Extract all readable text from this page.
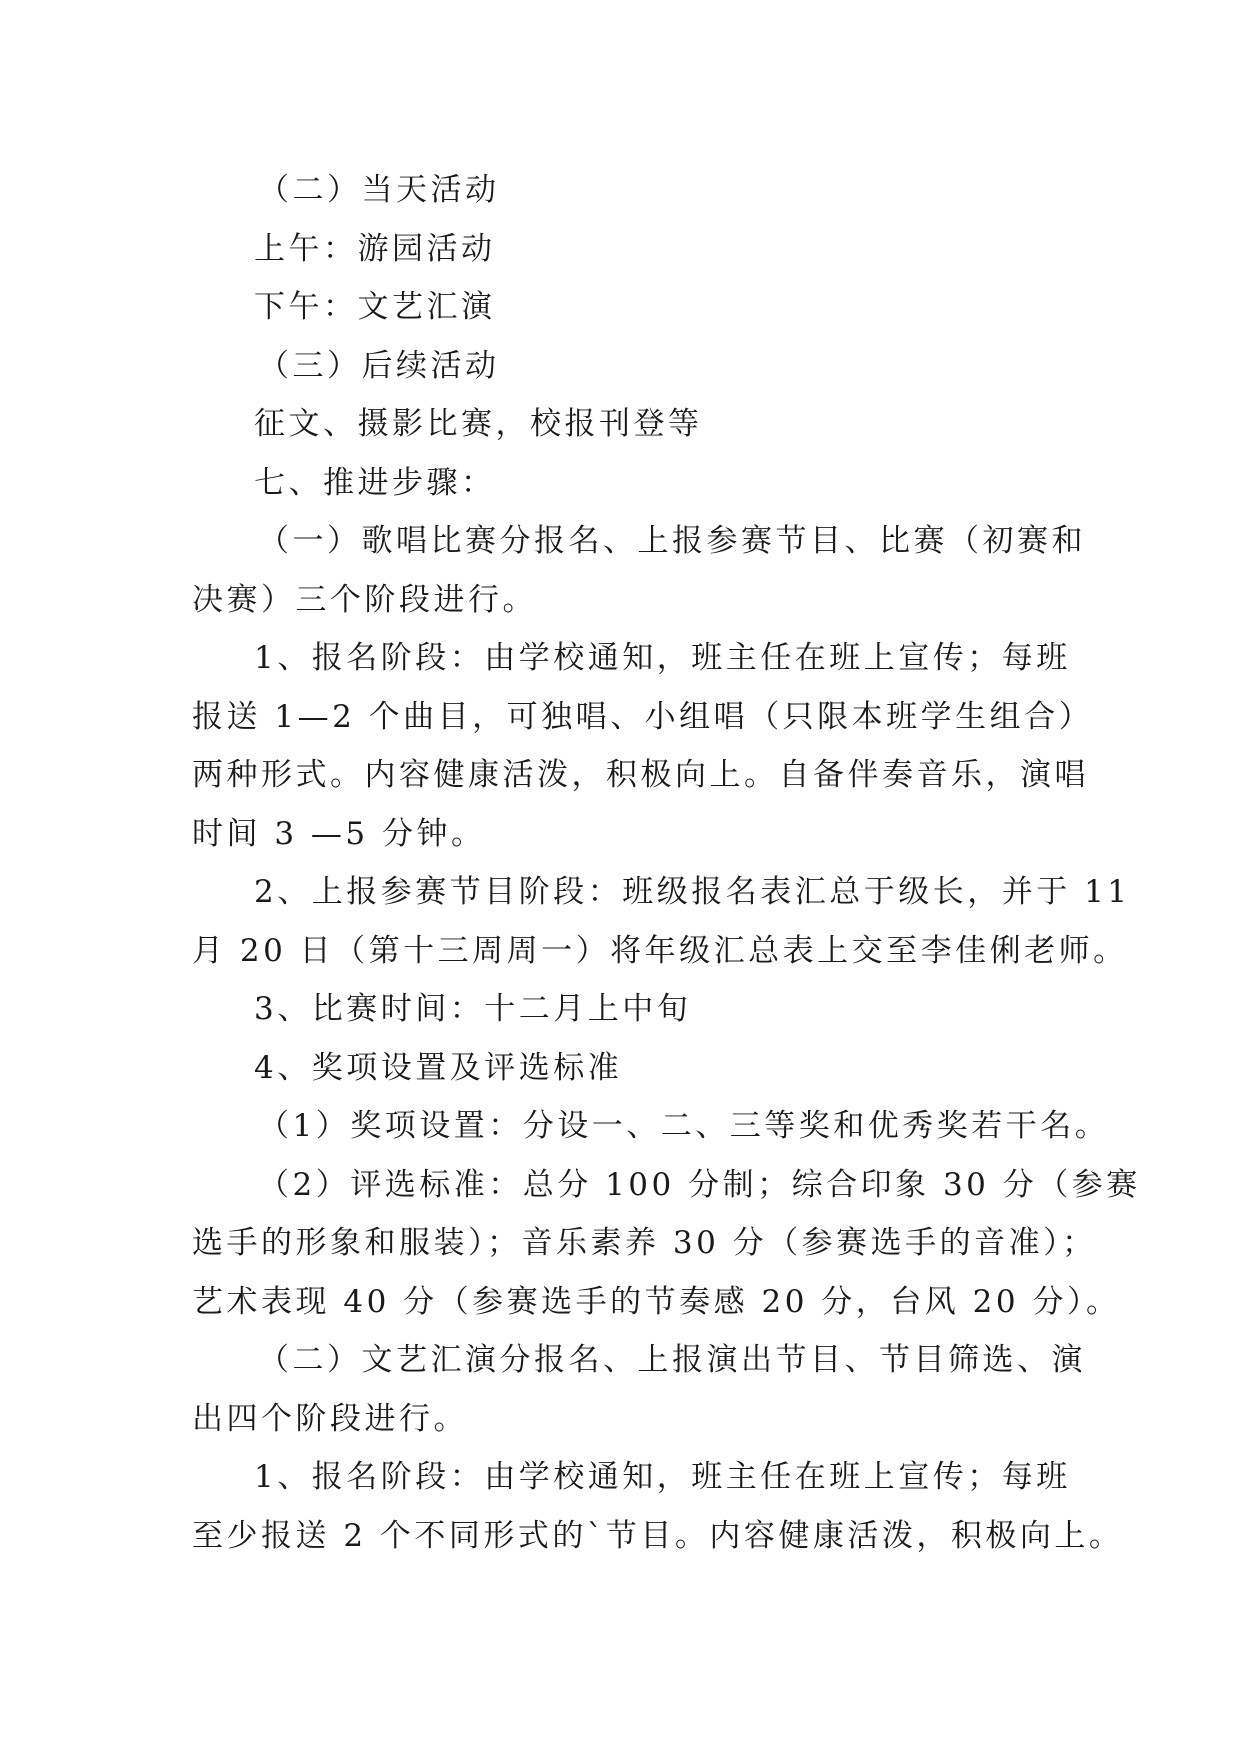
（二）当天活动
上午：游园活动
下午：文艺汇演
（三）后续活动
征文、摄影比赛，校报刊登等
七、推进步骤：
（一）歌唱比赛分报名、上报参赛节目、比赛（初赛和
决赛）三个阶段进行。
1、报名阶段：由学校通知，班主任在班上宣传；每班
报送 1—2 个曲目，可独唱、小组唱（只限本班学生组合）
两种形式。内容健康活泼，积极向上。自备伴奏音乐，演唱
时间 3 —5 分钟。
2、上报参赛节目阶段：班级报名表汇总于级长，并于 11
月 20 日（第十三周周一）将年级汇总表上交至李佳俐老师。
3、比赛时间：十二月上中旬
4、奖项设置及评选标准
（1）奖项设置：分设一、二、三等奖和优秀奖若干名。
（2）评选标准：总分 100 分制；综合印象 30 分（参赛
选手的形象和服装）；音乐素养 30 分（参赛选手的音准）；
艺术表现 40 分（参赛选手的节奏感 20 分，台风 20 分）。
（二）文艺汇演分报名、上报演出节目、节目筛选、演
出四个阶段进行。
1、报名阶段：由学校通知，班主任在班上宣传；每班
至少报送 2 个不同形式的`节目。内容健康活泼，积极向上。
